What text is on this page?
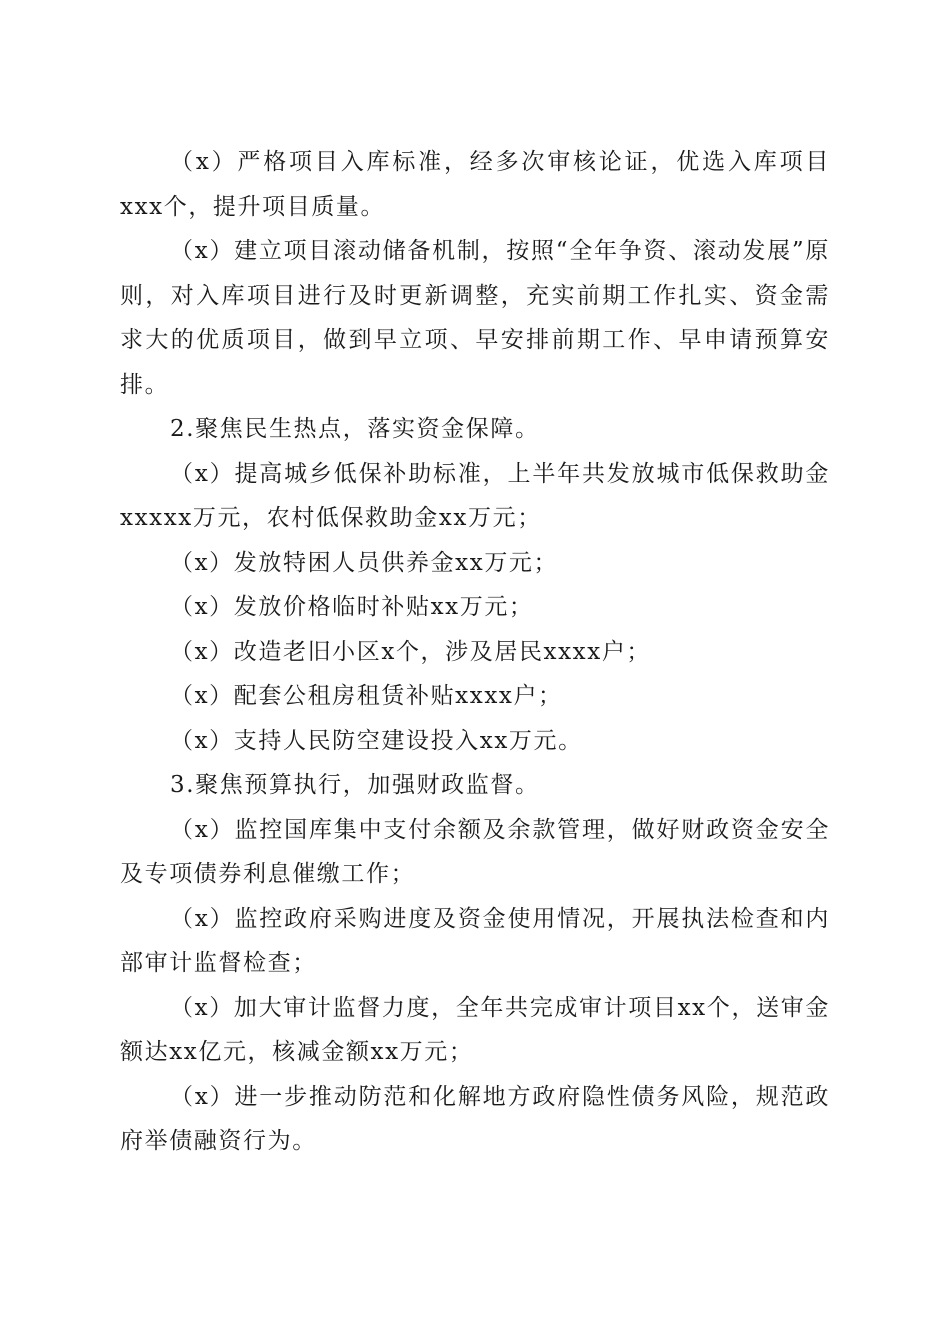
（x）严格项目入库标准，经多次审核论证，优选入库项目xxx个，提升项目质量。

（x）建立项目滚动储备机制，按照“全年争资、滚动发展”原则，对入库项目进行及时更新调整，充实前期工作扎实、资金需求大的优质项目，做到早立项、早安排前期工作、早申请预算安排。

2.聚焦民生热点，落实资金保障。

（x）提高城乡低保补助标准，上半年共发放城市低保救助金xxxxx万元，农村低保救助金xx万元；

（x）发放特困人员供养金xx万元；

（x）发放价格临时补贴xx万元；

（x）改造老旧小区x个，涉及居民xxxx户；

（x）配套公租房租赁补贴xxxx户；

（x）支持人民防空建设投入xx万元。

3.聚焦预算执行，加强财政监督。

（x）监控国库集中支付余额及余款管理，做好财政资金安全及专项债券利息催缴工作；

（x）监控政府采购进度及资金使用情况，开展执法检查和内部审计监督检查；

（x）加大审计监督力度，全年共完成审计项目xx个，送审金额达xx亿元，核减金额xx万元；

（x）进一步推动防范和化解地方政府隐性债务风险，规范政府举债融资行为。
